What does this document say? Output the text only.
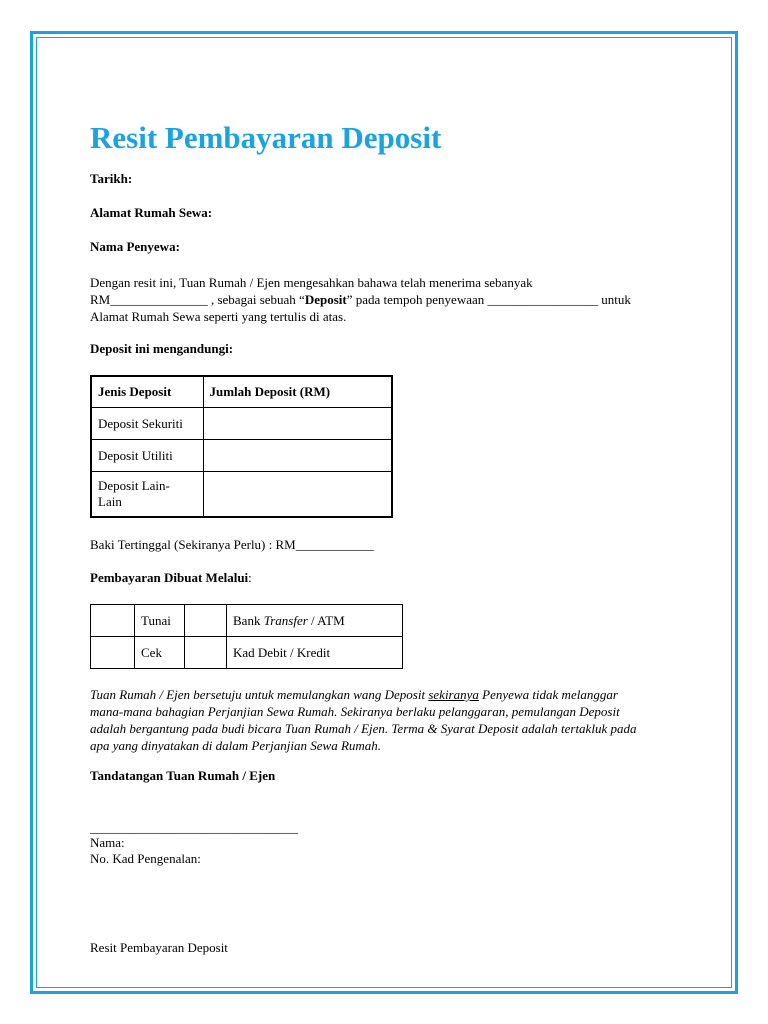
Resit Pembayaran Deposit
Tarikh:
Alamat Rumah Sewa:
Nama Penyewa:
Dengan resit ini, Tuan Rumah / Ejen mengesahkan bahawa telah menerima sebanyak
RM_______________ , sebagai sebuah “Deposit” pada tempoh penyewaan _________________ untuk
Alamat Rumah Sewa seperti yang tertulis di atas.
Deposit ini mengandungi:
Jenis Deposit	Jumlah Deposit (RM)
Deposit Sekuriti	
Deposit Utiliti	

Deposit Lain-
Lain	

Baki Tertinggal (Sekiranya Perlu) : RM____________
Pembayaran Dibuat Melalui:
	Tunai		Bank Transfer / ATM
	Cek		Kad Debit / Kredit
Tuan Rumah / Ejen bersetuju untuk memulangkan wang Deposit sekiranya Penyewa tidak melanggar
mana-mana bahagian Perjanjian Sewa Rumah. Sekiranya berlaku pelanggaran, pemulangan Deposit
adalah bergantung pada budi bicara Tuan Rumah / Ejen. Terma & Syarat Deposit adalah tertakluk pada
apa yang dinyatakan di dalam Perjanjian Sewa Rumah.
Tandatangan Tuan Rumah / Ejen
________________________________
Nama:
No. Kad Pengenalan:
Resit Pembayaran Deposit
